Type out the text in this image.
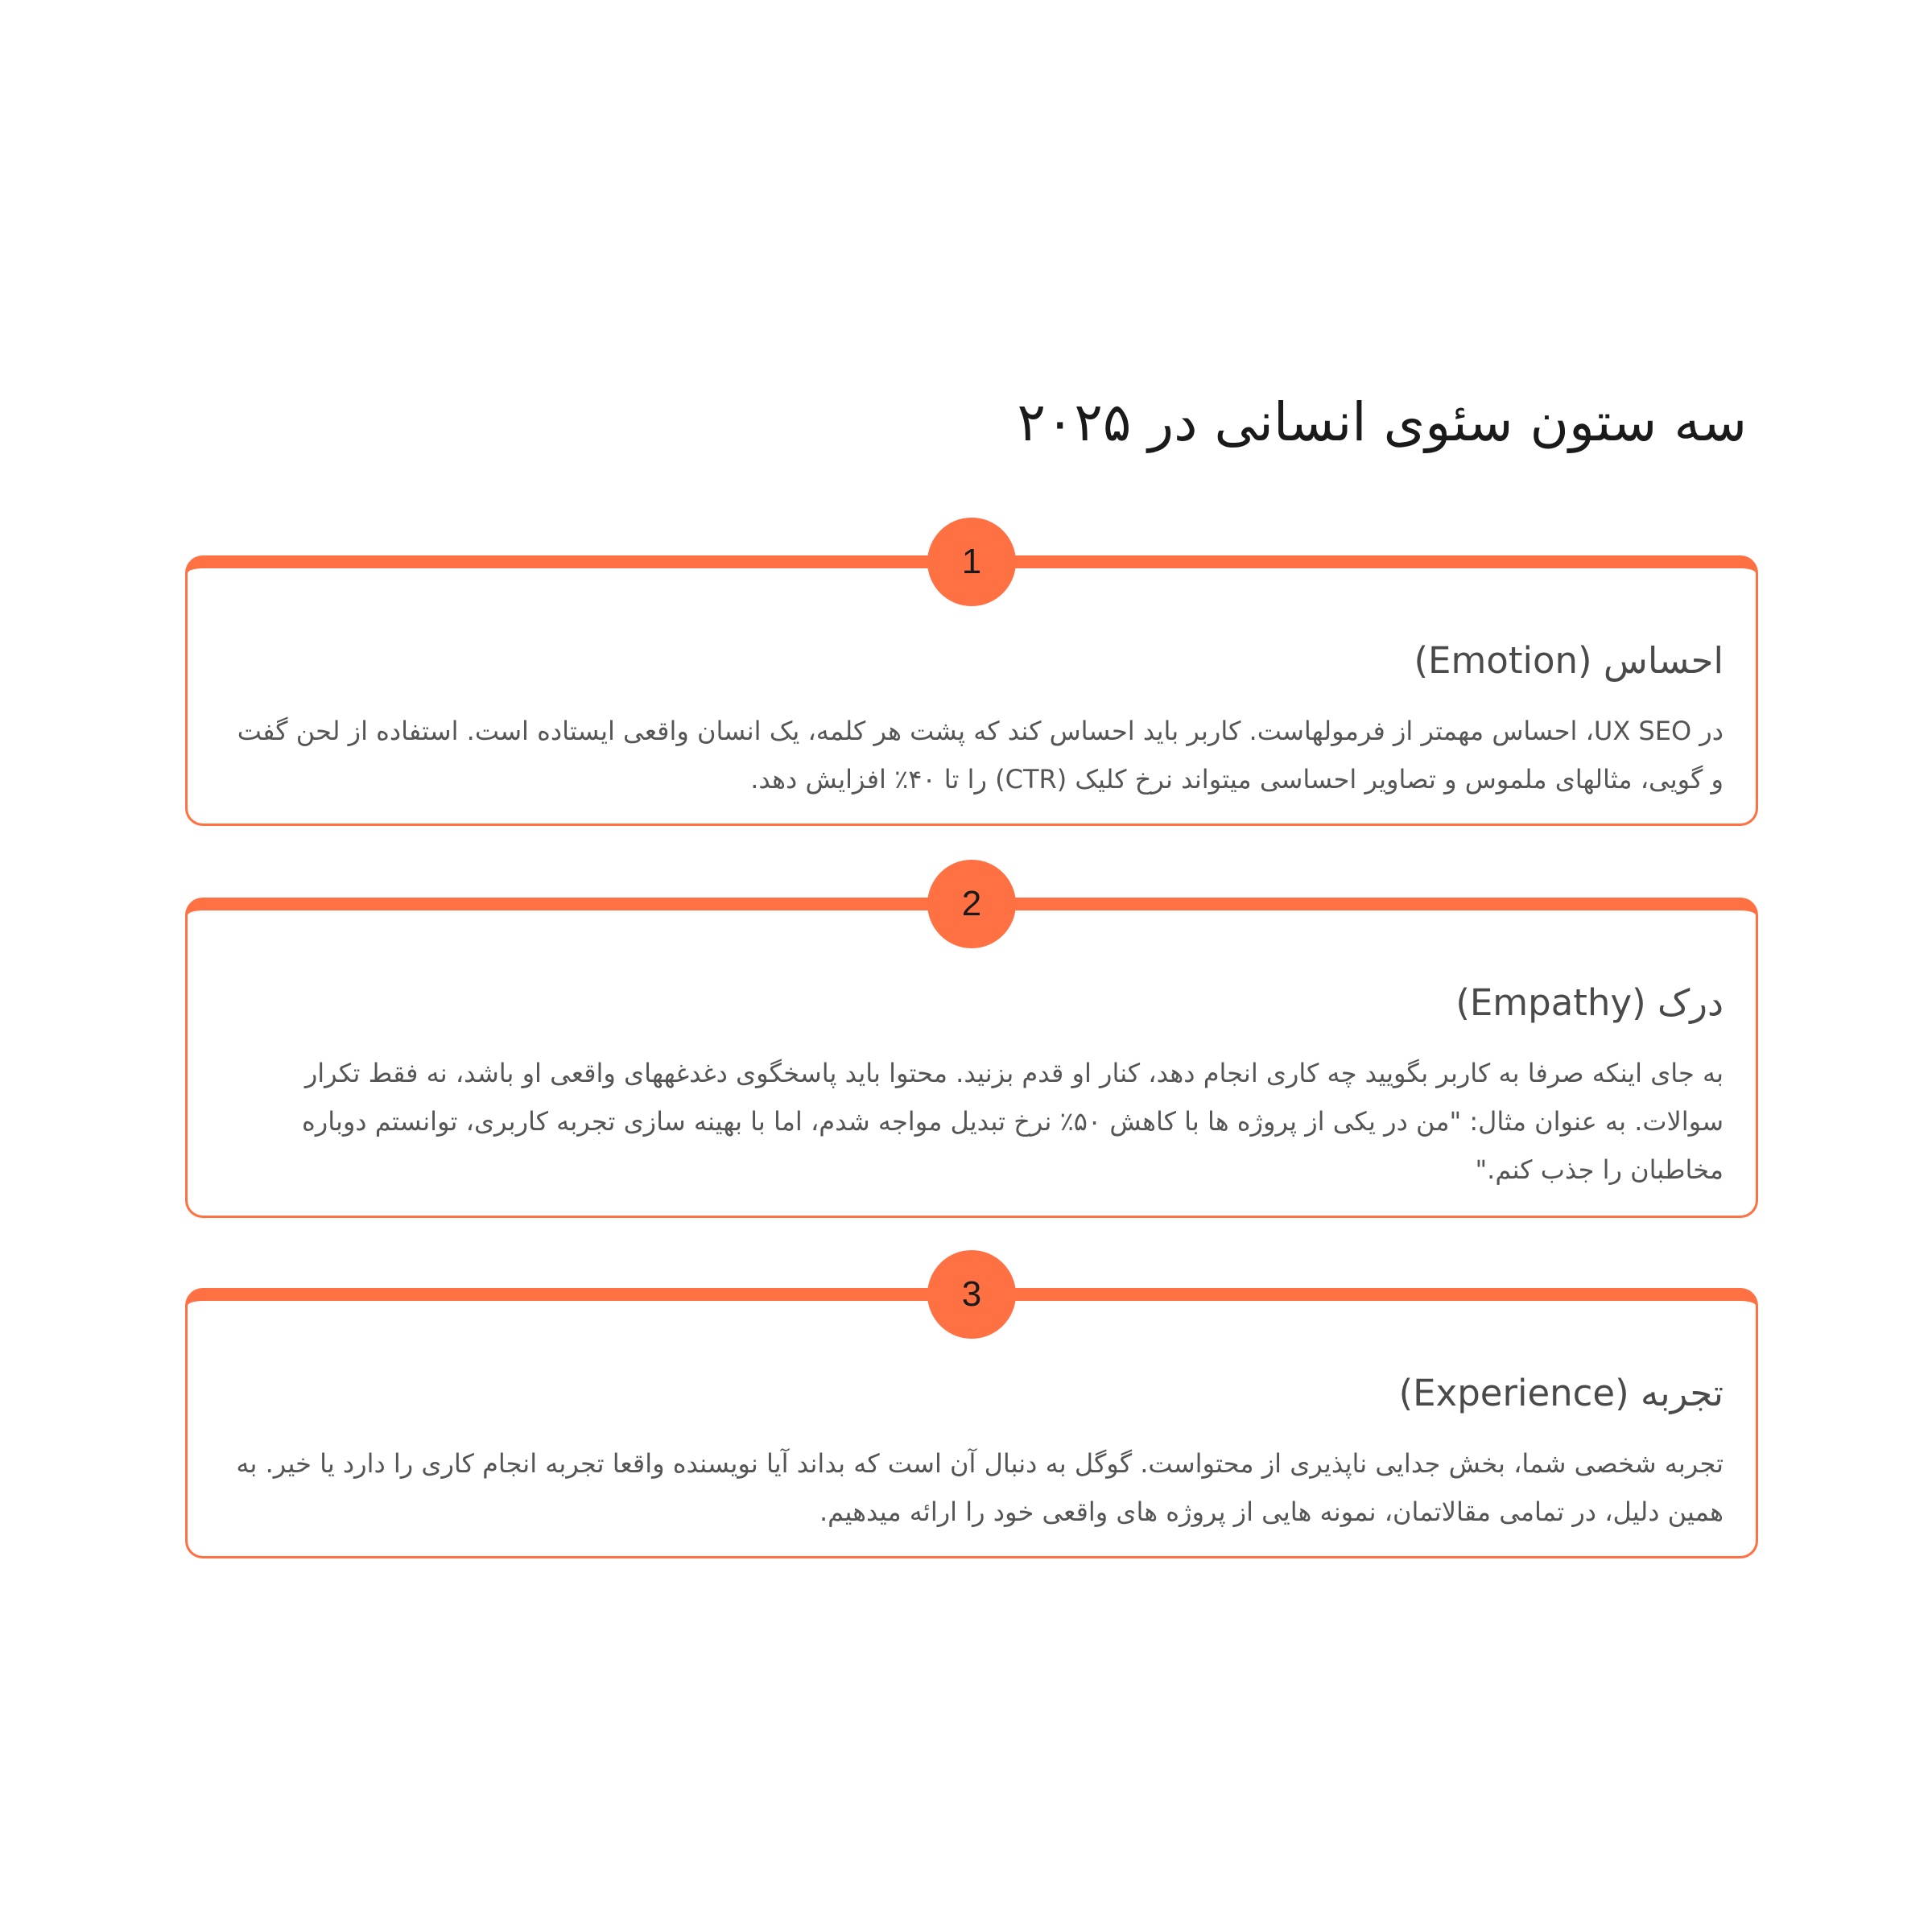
سه ستون سئوی انسانی در ۲۰۲۵
1
احساس (Emotion)

در UX SEO، احساس مهمتر از فرمولهاست. کاربر باید احساس کند که پشت هر کلمه، یک انسان واقعی ایستاده است. استفاده از لحن گفت و گویی، مثالهای ملموس و تصاویر احساسی میتواند نرخ کلیک (CTR) را تا ۴۰٪ افزایش دهد.

2
درک (Empathy)

به جای اینکه صرفا به کاربر بگویید چه کاری انجام دهد، کنار او قدم بزنید. محتوا باید پاسخگوی دغدغههای واقعی او باشد، نه فقط تکرار سوالات. به عنوان مثال: "من در یکی از پروژه ها با کاهش ۵۰٪ نرخ تبدیل مواجه شدم، اما با بهینه سازی تجربه کاربری، توانستم دوباره مخاطبان را جذب کنم."

3
تجربه (Experience)

تجربه شخصی شما، بخش جدایی ناپذیری از محتواست. گوگل به دنبال آن است که بداند آیا نویسنده واقعا تجربه انجام کاری را دارد یا خیر. به همین دلیل، در تمامی مقالاتمان، نمونه هایی از پروژه های واقعی خود را ارائه میدهیم.
